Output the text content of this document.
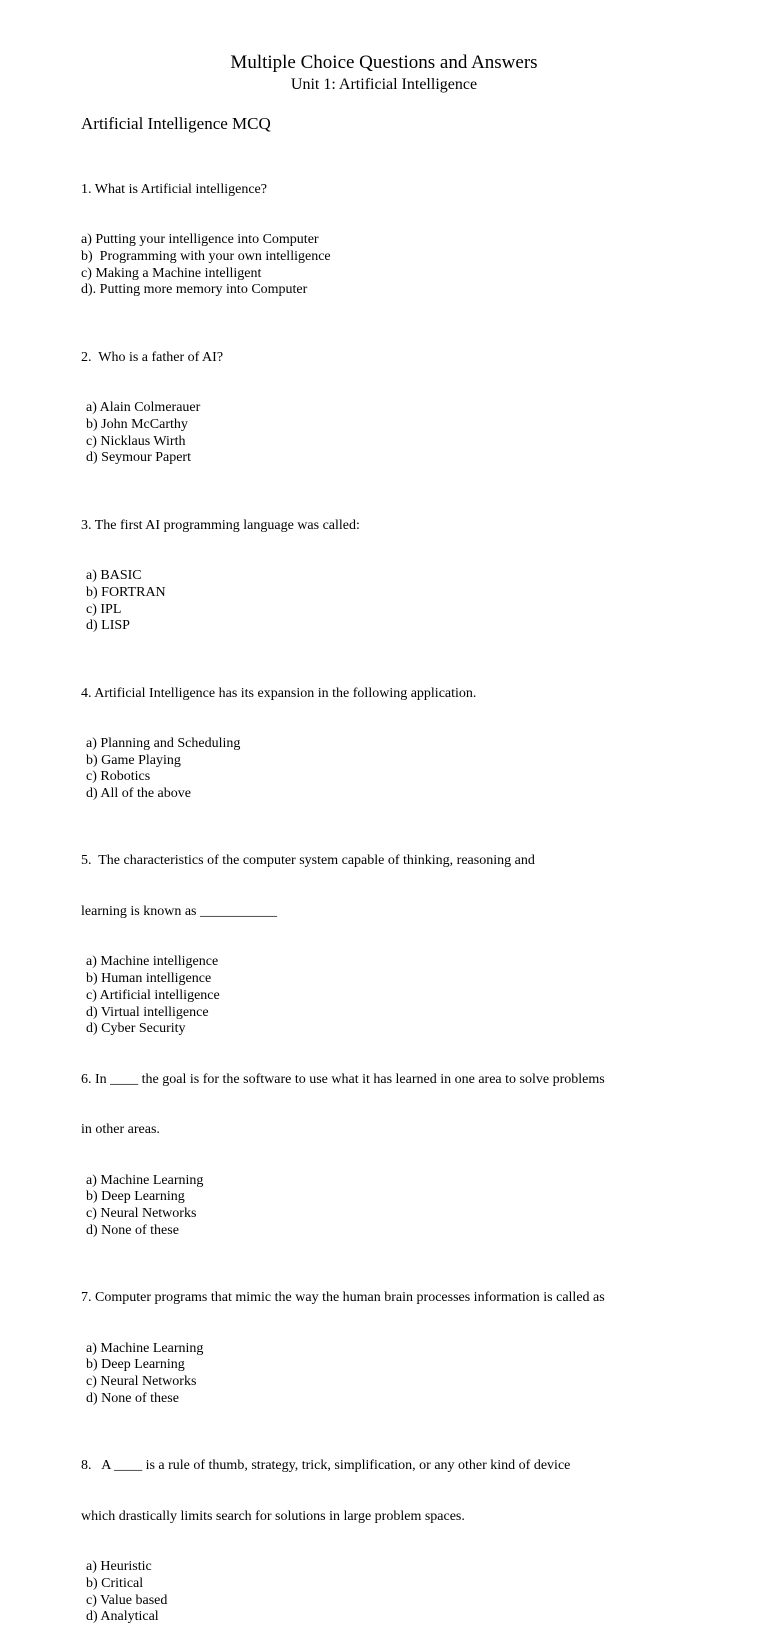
Multiple Choice Questions and Answers
Unit 1: Artificial Intelligence
Artificial Intelligence MCQ

1. What is Artificial intelligence?

a) Putting your intelligence into Computer
b)  Programming with your own intelligence
c) Making a Machine intelligent
d). Putting more memory into Computer

2.  Who is a father of AI?

a) Alain Colmerauer
b) John McCarthy
c) Nicklaus Wirth
d) Seymour Papert

3. The first AI programming language was called:

a) BASIC
b) FORTRAN
c) IPL
d) LISP

4. Artificial Intelligence has its expansion in the following application.

a) Planning and Scheduling
b) Game Playing
c) Robotics
d) All of the above

5.  The characteristics of the computer system capable of thinking, reasoning and

learning is known as ___________

a) Machine intelligence
b) Human intelligence
c) Artificial intelligence
d) Virtual intelligence
d) Cyber Security

6. In ____ the goal is for the software to use what it has learned in one area to solve problems

in other areas.

a) Machine Learning
b) Deep Learning
c) Neural Networks
d) None of these

7. Computer programs that mimic the way the human brain processes information is called as

a) Machine Learning
b) Deep Learning
c) Neural Networks
d) None of these

8.   A ____ is a rule of thumb, strategy, trick, simplification, or any other kind of device

which drastically limits search for solutions in large problem spaces.

a) Heuristic
b) Critical
c) Value based
d) Analytical
